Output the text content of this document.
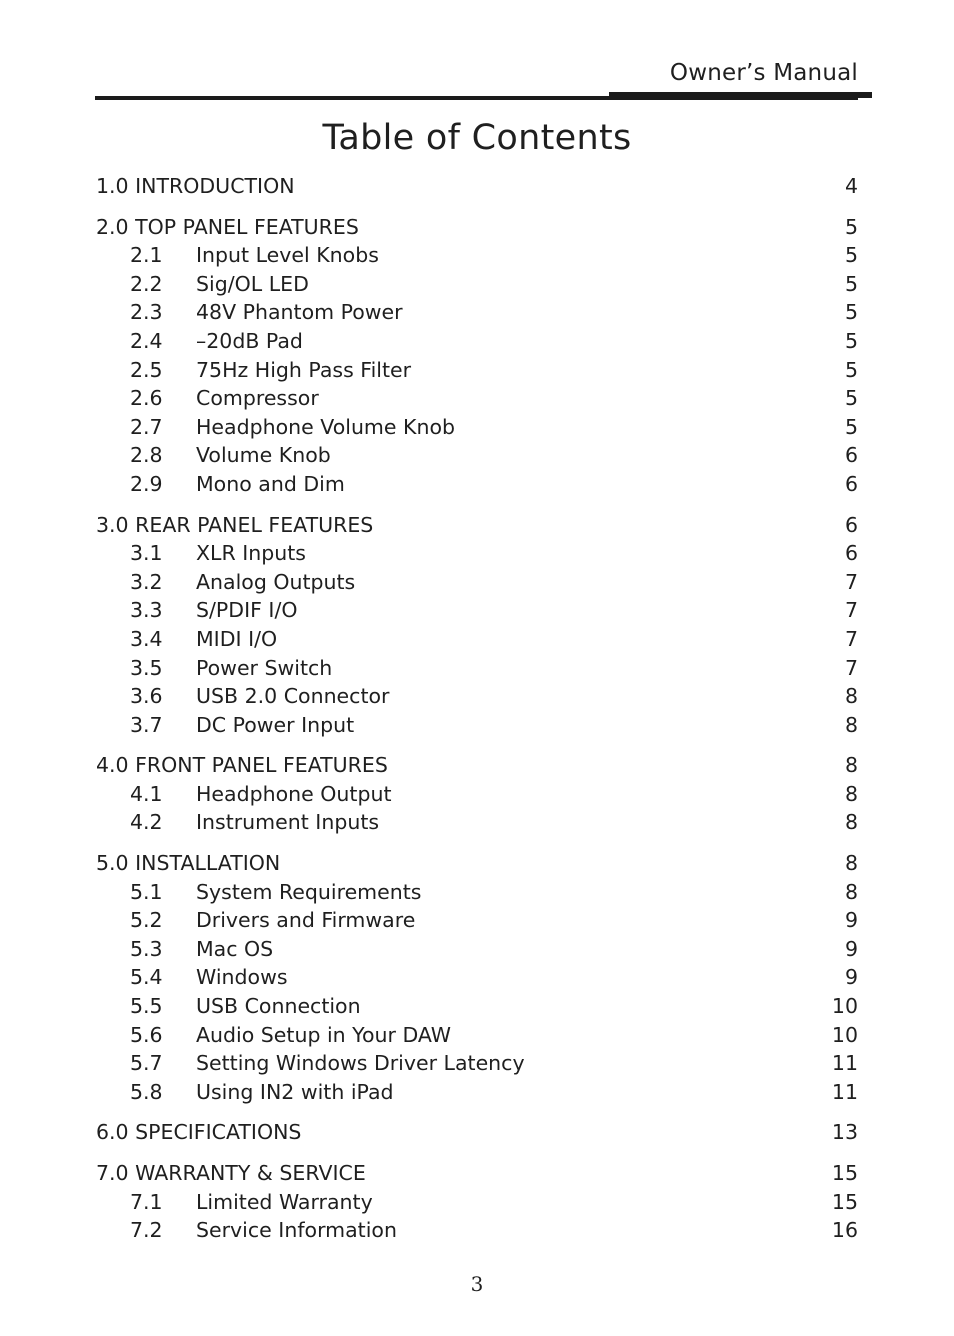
Owner’s Manual
Table of Contents
1.0 INTRODUCTION	4
2.0 TOP PANEL FEATURES	5
2.1 Input Level Knobs	5
2.2 Sig/OL LED	5
2.3 48V Phantom Power	5
2.4 –20dB Pad	5
2.5 75Hz High Pass Filter	5
2.6 Compressor	5
2.7 Headphone Volume Knob	5
2.8 Volume Knob	6
2.9 Mono and Dim	6
3.0 REAR PANEL FEATURES	6
3.1 XLR Inputs	6
3.2 Analog Outputs	7
3.3 S/PDIF I/O	7
3.4 MIDI I/O	7
3.5 Power Switch	7
3.6 USB 2.0 Connector	8
3.7 DC Power Input	8
4.0 FRONT PANEL FEATURES	8
4.1 Headphone Output	8
4.2 Instrument Inputs	8
5.0 INSTALLATION	8
5.1 System Requirements	8
5.2 Drivers and Firmware	9
5.3 Mac OS	9
5.4 Windows	9
5.5 USB Connection	10
5.6 Audio Setup in Your DAW	10
5.7 Setting Windows Driver Latency	11
5.8 Using IN2 with iPad	11
6.0 SPECIFICATIONS	13
7.0 WARRANTY & SERVICE	15
7.1 Limited Warranty	15
7.2 Service Information	16
3
